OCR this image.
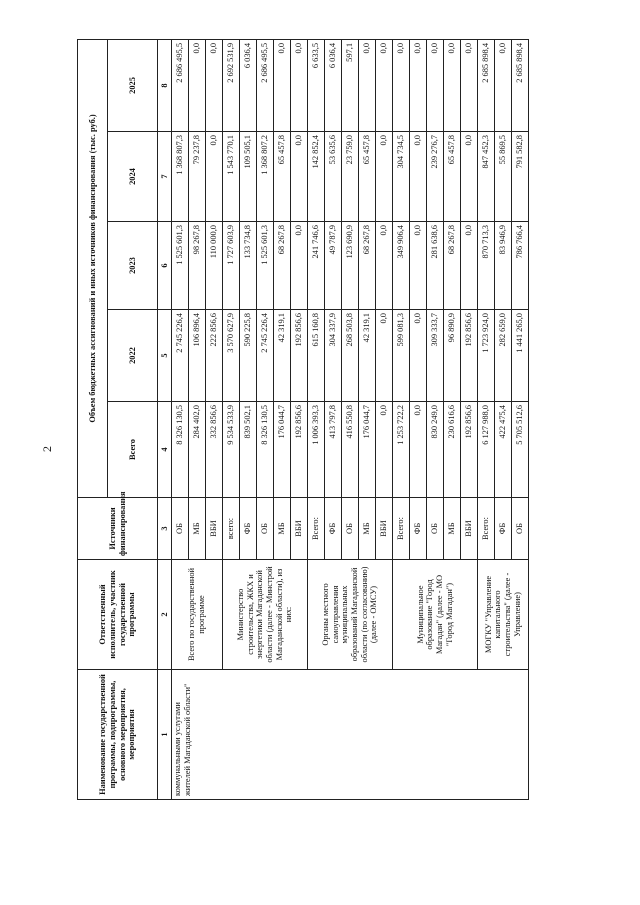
2
Наименование государственной программы, подпрограммы, основного мероприятия, мероприятия	Ответственный исполнитель, участник государственной программы	Источники финансирования	Объем бюджетных ассигнований и иных источников финансирования (тыс. руб.)				
			Всего	2022	2023	2024	2025
1	2	3	4	5	6	7	8
коммунальными услугами жителей Магаданской области"	Всего по государственной программе	ОБ	8 326 130,5	2 745 226,4	1 525 601,3	1 368 807,3	2 686 495,5
		МБ	284 402,0	106 896,4	98 267,8	79 237,8	0,0
		ВБИ	332 856,6	222 856,6	110 000,0	0,0	0,0
	Министерство строительства, ЖКХ и энергетики Магаданской области (далее - Минстрой Магаданской области), из них:	всего:	9 534 533,9	3 570 627,9	1 727 603,9	1 543 770,1	2 692 531,9
		ФБ	839 502,1	590 225,8	133 734,8	109 505,1	6 036,4
		ОБ	8 326 130,5	2 745 226,4	1 525 601,3	1 368 807,2	2 686 495,5
		МБ	176 044,7	42 319,1	68 267,8	65 457,8	0,0
		ВБИ	192 856,6	192 856,6	0,0	0,0	0,0
	Органы местного самоуправления муниципальных образований Магаданской области (по согласованию) (далее - ОМСУ)	Всего:	1 006 393,3	615 160,8	241 746,6	142 852,4	6 633,5
		ФБ	413 797,8	304 337,9	49 787,9	53 635,6	6 036,4
		ОБ	416 550,8	268 503,8	123 690,9	23 759,0	597,1
		МБ	176 044,7	42 319,1	68 267,8	65 457,8	0,0
		ВБИ	0,0	0,0	0,0	0,0	0,0
	Муниципальное образование "Город Магадан" (далее - МО "Город Магадан")	Всего:	1 253 722,2	599 081,3	349 906,4	304 734,5	0,0
		ФБ	0,0	0,0	0,0	0,0	0,0
		ОБ	830 249,0	309 333,7	281 638,6	239 276,7	0,0
		МБ	230 616,6	96 890,9	68 267,8	65 457,8	0,0
		ВБИ	192 856,6	192 856,6	0,0	0,0	0,0
	МОГКУ "Управление капитального строительства" (далее - Управление)	Всего:	6 127 988,0	1 723 924,0	870 713,3	847 452,3	2 685 898,4
		ФБ	422 475,4	282 659,0	83 946,9	55 869,5	0,0
		ОБ	5 705 512,6	1 441 265,0	786 766,4	791 582,8	2 685 898,4
